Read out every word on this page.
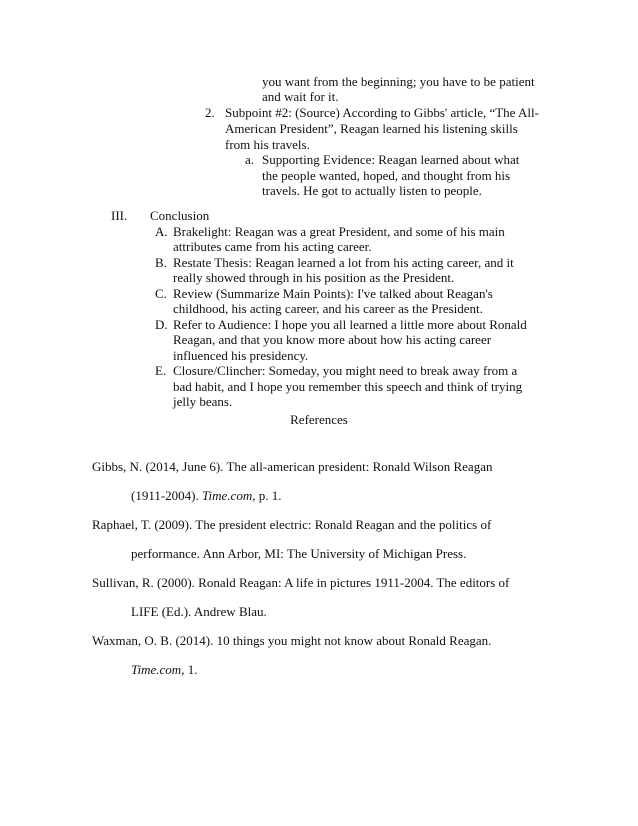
you want from the beginning; you have to be patient
and wait for it.
2. Subpoint #2: (Source) According to Gibbs' article, “The All-
American President”, Reagan learned his listening skills
from his travels.
a. Supporting Evidence: Reagan learned about what
the people wanted, hoped, and thought from his
travels. He got to actually listen to people.
III. Conclusion
A. Brakelight: Reagan was a great President, and some of his main
attributes came from his acting career.
B. Restate Thesis: Reagan learned a lot from his acting career, and it
really showed through in his position as the President.
C. Review (Summarize Main Points): I've talked about Reagan's
childhood, his acting career, and his career as the President.
D. Refer to Audience: I hope you all learned a little more about Ronald
Reagan, and that you know more about how his acting career
influenced his presidency.
E. Closure/Clincher: Someday, you might need to break away from a
bad habit, and I hope you remember this speech and think of trying
jelly beans.
References
Gibbs, N. (2014, June 6). The all-american president: Ronald Wilson Reagan
(1911-2004). Time.com, p. 1.
Raphael, T. (2009). The president electric: Ronald Reagan and the politics of
performance. Ann Arbor, MI: The University of Michigan Press.
Sullivan, R. (2000). Ronald Reagan: A life in pictures 1911-2004. The editors of
LIFE (Ed.). Andrew Blau.
Waxman, O. B. (2014). 10 things you might not know about Ronald Reagan.
Time.com, 1.
